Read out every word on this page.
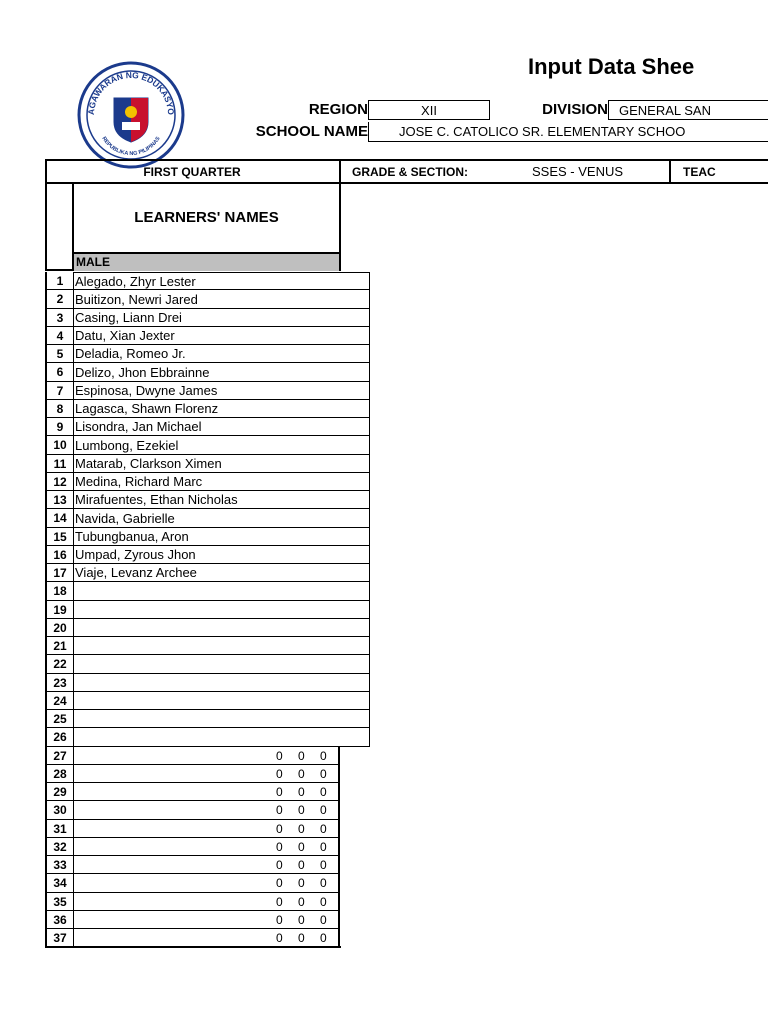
Input Data Shee
AGAWARAN NG EDUKASYO
REPUBLIKA NG PILIPINAS
REGION	XII	DIVISION GENERAL SAN
SCHOOL NAME	JOSE C. CATOLICO SR. ELEMENTARY SCHOO
FIRST QUARTER	GRADE & SECTION:	SSES - VENUS	TEAC
LEARNERS' NAMES
MALE
1 Alegado, Zhyr Lester
2 Buitizon, Newri Jared
3 Casing, Liann Drei
4 Datu, Xian Jexter
5 Deladia, Romeo Jr.
6 Delizo, Jhon Ebbrainne
7 Espinosa, Dwyne James
8 Lagasca, Shawn Florenz
9 Lisondra, Jan Michael
10 Lumbong, Ezekiel
11 Matarab, Clarkson Ximen
12 Medina, Richard Marc
13 Mirafuentes, Ethan Nicholas
14 Navida, Gabrielle
15 Tubungbanua, Aron
16 Umpad, Zyrous Jhon
17 Viaje, Levanz Archee
18
19
20
21
22
23
24
25
26
27	0 0 0
28	0 0 0
29	0 0 0
30	0 0 0
31	0 0 0
32	0 0 0
33	0 0 0
34	0 0 0
35	0 0 0
36	0 0 0
37	0 0 0
